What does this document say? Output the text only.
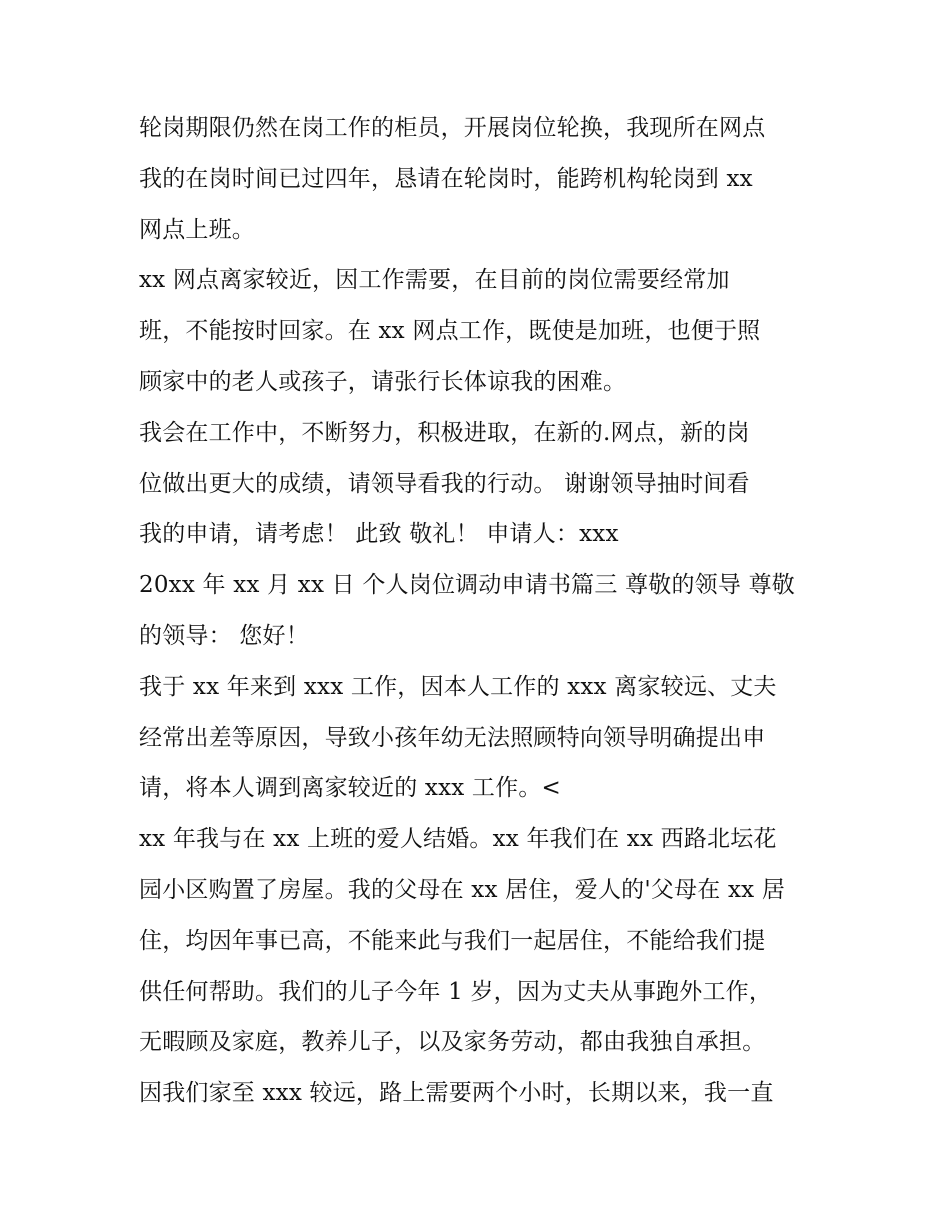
轮岗期限仍然在岗工作的柜员，开展岗位轮换，我现所在网点
我的在岗时间已过四年，恳请在轮岗时，能跨机构轮岗到 xx
网点上班。
xx 网点离家较近，因工作需要，在目前的岗位需要经常加
班，不能按时回家。在 xx 网点工作，既使是加班，也便于照
顾家中的老人或孩子，请张行长体谅我的困难。
我会在工作中，不断努力，积极进取，在新的.网点，新的岗
位做出更大的成绩，请领导看我的行动。 谢谢领导抽时间看
我的申请，请考虑！ 此致 敬礼！ 申请人：xxx
20xx 年 xx 月 xx 日 个人岗位调动申请书篇三 尊敬的领导 尊敬
的领导： 您好！
我于 xx 年来到 xxx 工作，因本人工作的 xxx 离家较远、丈夫
经常出差等原因，导致小孩年幼无法照顾特向领导明确提出申
请，将本人调到离家较近的 xxx 工作。<
xx 年我与在 xx 上班的爱人结婚。xx 年我们在 xx 西路北坛花
园小区购置了房屋。我的父母在 xx 居住，爱人的'父母在 xx 居
住，均因年事已高，不能来此与我们一起居住，不能给我们提
供任何帮助。我们的儿子今年 1 岁，因为丈夫从事跑外工作，
无暇顾及家庭，教养儿子，以及家务劳动，都由我独自承担。
因我们家至 xxx 较远，路上需要两个小时，长期以来，我一直
